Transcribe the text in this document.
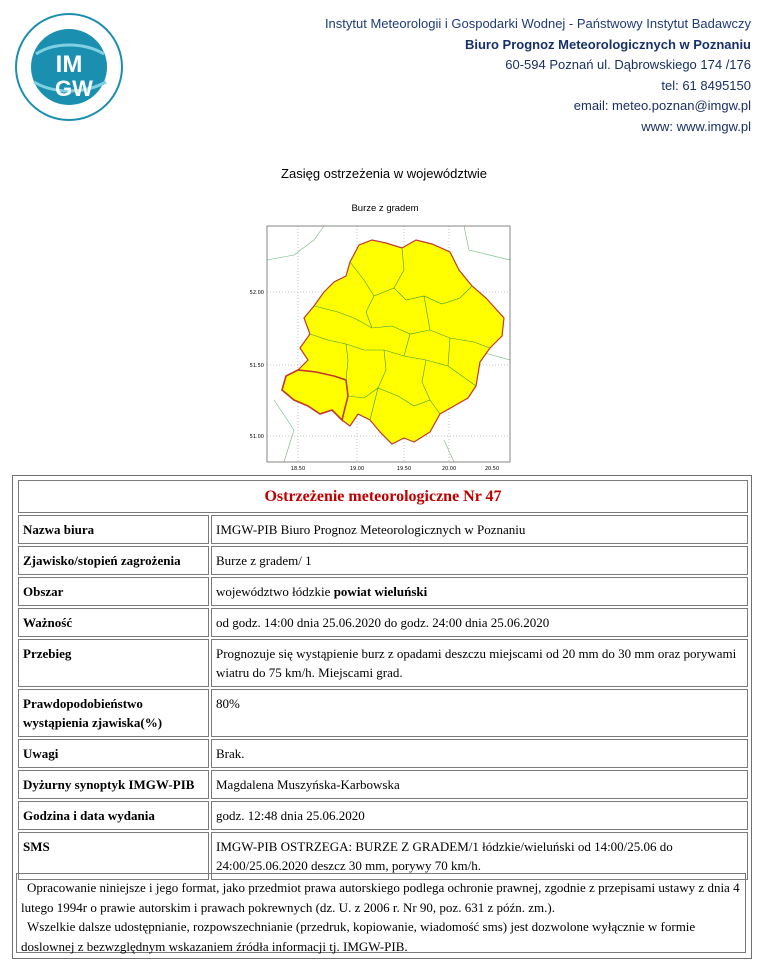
IM
GW
Instytut Meteorologii i Gospodarki Wodnej - Państwowy Instytut Badawczy
Biuro Prognoz Meteorologicznych w Poznaniu
60-594 Poznań ul. Dąbrowskiego 174 /176
tel: 61 8495150
email: meteo.poznan@imgw.pl
www: www.imgw.pl
Zasięg ostrzeżenia w województwie
Burze z gradem
52.00
51.50
51.00
18.50	19.00	19.50	20.00	20.50
Ostrzeżenie meteorologiczne Nr 47	
Nazwa biura	IMGW-PIB Biuro Prognoz Meteorologicznych w Poznaniu
Zjawisko/stopień zagrożenia	Burze z gradem/ 1
Obszar	województwo łódzkie powiat wieluński
Ważność	od godz. 14:00 dnia 25.06.2020 do godz. 24:00 dnia 25.06.2020
Przebieg	Prognozuje się wystąpienie burz z opadami deszczu miejscami od 20 mm do 30 mm oraz porywami wiatru do 75 km/h. Miejscami grad.
Prawdopodobieństwo wystąpienia zjawiska(%)	80%
Uwagi	Brak.
Dyżurny synoptyk IMGW-PIB	Magdalena Muszyńska-Karbowska
Godzina i data wydania	godz. 12:48 dnia 25.06.2020
SMS	IMGW-PIB OSTRZEGA: BURZE Z GRADEM/1 łódzkie/wieluński od 14:00/25.06 do 24:00/25.06.2020 deszcz 30 mm, porywy 70 km/h.

Opracowanie niniejsze i jego format, jako przedmiot prawa autorskiego podlega ochronie prawnej, zgodnie z przepisami ustawy z dnia 4 lutego 1994r o prawie autorskim i prawach pokrewnych (dz. U. z 2006 r. Nr 90, poz. 631 z późn. zm.).

Wszelkie dalsze udostępnianie, rozpowszechnianie (przedruk, kopiowanie, wiadomość sms) jest dozwolone wyłącznie w formie doslownej z bezwzględnym wskazaniem źródła informacji tj. IMGW-PIB.
